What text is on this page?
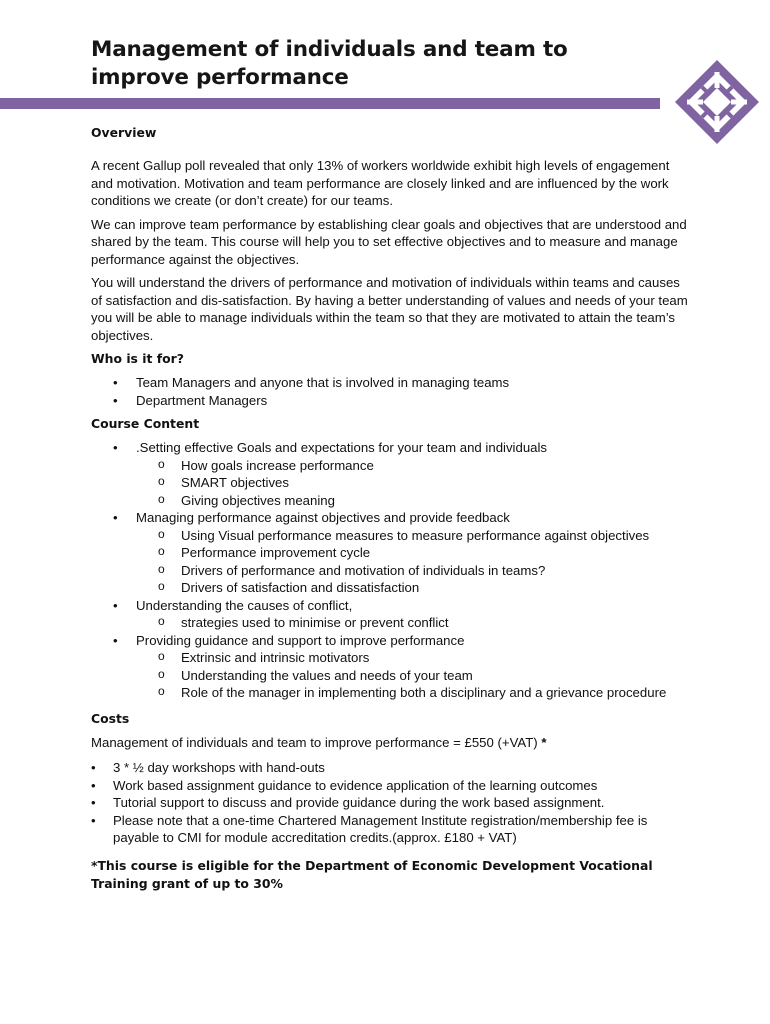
Management of individuals and team to improve performance
Overview

A recent Gallup poll revealed that only 13% of workers worldwide exhibit high levels of engagement and motivation. Motivation and team performance are closely linked and are influenced by the work conditions we create (or don’t create) for our teams.

We can improve team performance by establishing clear goals and objectives that are understood and shared by the team. This course will help you to set effective objectives and to measure and manage performance against the objectives.

You will understand the drivers of performance and motivation of individuals within teams and causes of satisfaction and dis-satisfaction. By having a better understanding of values and needs of your team you will be able to manage individuals within the team so that they are motivated to attain the team’s objectives.

Who is it for?
• Team Managers and anyone that is involved in managing teams
• Department Managers
Course Content
• .Setting effective Goals and expectations for your team and individuals
o How goals increase performance
o SMART objectives
o Giving objectives meaning
• Managing performance against objectives and provide feedback
o Using Visual performance measures to measure performance against objectives
o Performance improvement cycle
o Drivers of performance and motivation of individuals in teams?
o Drivers of satisfaction and dissatisfaction
• Understanding the causes of conflict,
o strategies used to minimise or prevent conflict
• Providing guidance and support to improve performance
o Extrinsic and intrinsic motivators
o Understanding the values and needs of your team
o Role of the manager in implementing both a disciplinary and a grievance procedure
Costs

Management of individuals and team to improve performance = £550 (+VAT) *

• 3 * ½ day workshops with hand-outs
• Work based assignment guidance to evidence application of the learning outcomes
• Tutorial support to discuss and provide guidance during the work based assignment.
• Please note that a one-time Chartered Management Institute registration/membership fee is payable to CMI for module accreditation credits.(approx. £180 + VAT)

*This course is eligible for the Department of Economic Development Vocational Training grant of up to 30%
